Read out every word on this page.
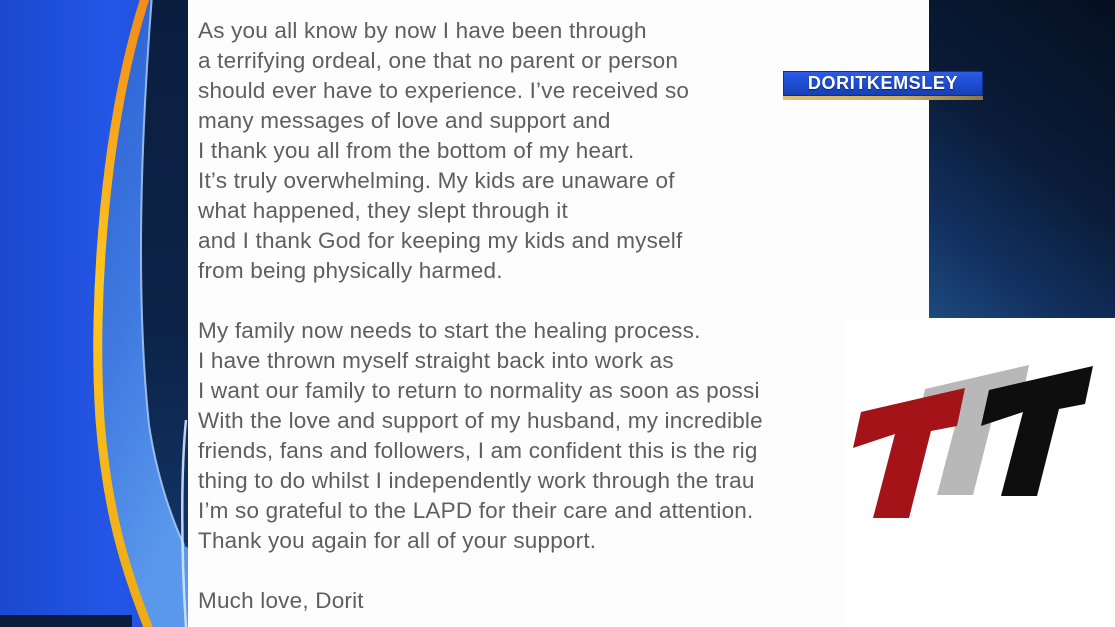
As you all know by now I have been through
a terrifying ordeal, one that no parent or person
should ever have to experience. I’ve received so
many messages of love and support and
I thank you all from the bottom of my heart.
It’s truly overwhelming. My kids are unaware of
what happened, they slept through it
and I thank God for keeping my kids and myself
from being physically harmed.
My family now needs to start the healing process.
I have thrown myself straight back into work as
I want our family to return to normality as soon as possi
With the love and support of my husband, my incredible
friends, fans and followers, I am confident this is the rig
thing to do whilst I independently work through the trau
I’m so grateful to the LAPD for their care and attention.
Thank you again for all of your support.
Much love, Dorit
DORITKEMSLEY
